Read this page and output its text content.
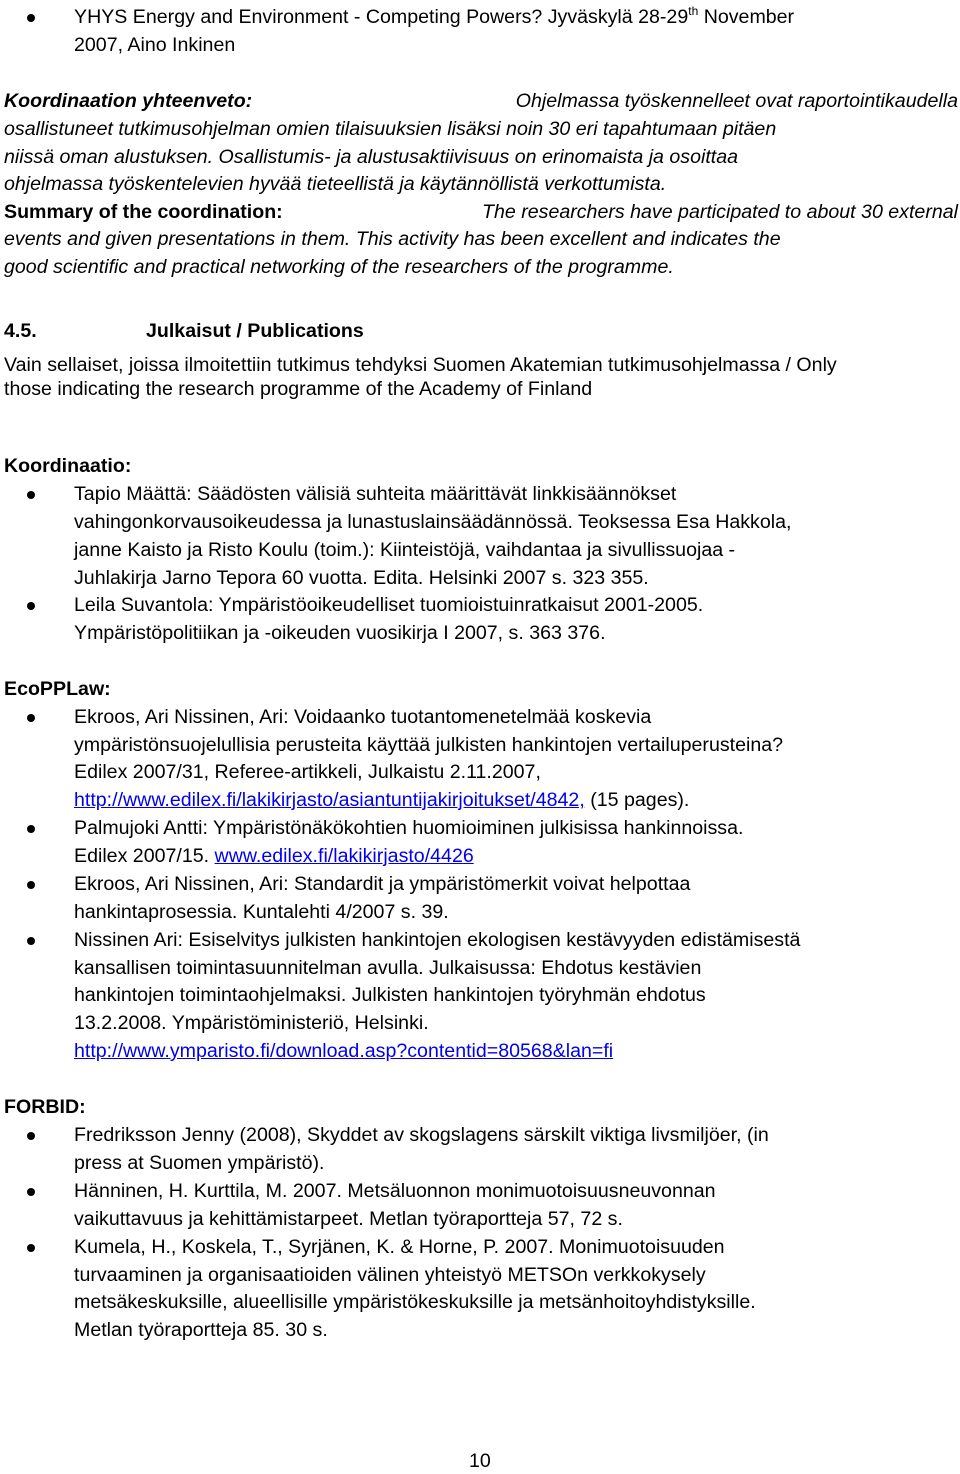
YHYS Energy and Environment - Competing Powers? Jyväskylä 28-29th November
2007, Aino Inkinen
Koordinaation yhteenveto:	Ohjelmassa työskennelleet ovat raportointikaudella
osallistuneet tutkimusohjelman omien tilaisuuksien lisäksi noin 30 eri tapahtumaan pitäen
niissä oman alustuksen. Osallistumis- ja alustusaktiivisuus on erinomaista ja osoittaa
ohjelmassa työskentelevien hyvää tieteellistä ja käytännöllistä verkottumista.
Summary of the coordination:	The researchers have participated to about 30 external
events and given presentations in them. This activity has been excellent and indicates the
good scientific and practical networking of the researchers of the programme.
4.5.	Julkaisut / Publications
Vain sellaiset, joissa ilmoitettiin tutkimus tehdyksi Suomen Akatemian tutkimusohjelmassa / Only
those indicating the research programme of the Academy of Finland
Koordinaatio:
Tapio Määttä: Säädösten välisiä suhteita määrittävät linkkisäännökset
vahingonkorvausoikeudessa ja lunastuslainsäädännössä. Teoksessa Esa Hakkola,
janne Kaisto ja Risto Koulu (toim.): Kiinteistöjä, vaihdantaa ja sivullissuojaa -
Juhlakirja Jarno Tepora 60 vuotta. Edita. Helsinki 2007 s. 323 355.
Leila Suvantola: Ympäristöoikeudelliset tuomioistuinratkaisut 2001-2005.
Ympäristöpolitiikan ja -oikeuden vuosikirja I 2007, s. 363 376.
EcoPPLaw:
Ekroos, Ari Nissinen, Ari: Voidaanko tuotantomenetelmää koskevia
ympäristönsuojelullisia perusteita käyttää julkisten hankintojen vertailuperusteina?
Edilex 2007/31, Referee-artikkeli, Julkaistu 2.11.2007,
http://www.edilex.fi/lakikirjasto/asiantuntijakirjoitukset/4842, (15 pages).
Palmujoki Antti: Ympäristönäkökohtien huomioiminen julkisissa hankinnoissa.
Edilex 2007/15. www.edilex.fi/lakikirjasto/4426
Ekroos, Ari Nissinen, Ari: Standardit ja ympäristömerkit voivat helpottaa
hankintaprosessia. Kuntalehti 4/2007 s. 39.
Nissinen Ari: Esiselvitys julkisten hankintojen ekologisen kestävyyden edistämisestä
kansallisen toimintasuunnitelman avulla. Julkaisussa: Ehdotus kestävien
hankintojen toimintaohjelmaksi. Julkisten hankintojen työryhmän ehdotus
13.2.2008. Ympäristöministeriö, Helsinki.
http://www.ymparisto.fi/download.asp?contentid=80568&lan=fi
FORBID:
Fredriksson Jenny (2008), Skyddet av skogslagens särskilt viktiga livsmiljöer, (in
press at Suomen ympäristö).
Hänninen, H. Kurttila, M. 2007. Metsäluonnon monimuotoisuusneuvonnan
vaikuttavuus ja kehittämistarpeet. Metlan työraportteja 57, 72 s.
Kumela, H., Koskela, T., Syrjänen, K. & Horne, P. 2007. Monimuotoisuuden
turvaaminen ja organisaatioiden välinen yhteistyö METSOn verkkokysely
metsäkeskuksille, alueellisille ympäristökeskuksille ja metsänhoitoyhdistyksille.
Metlan työraportteja 85. 30 s.
10
